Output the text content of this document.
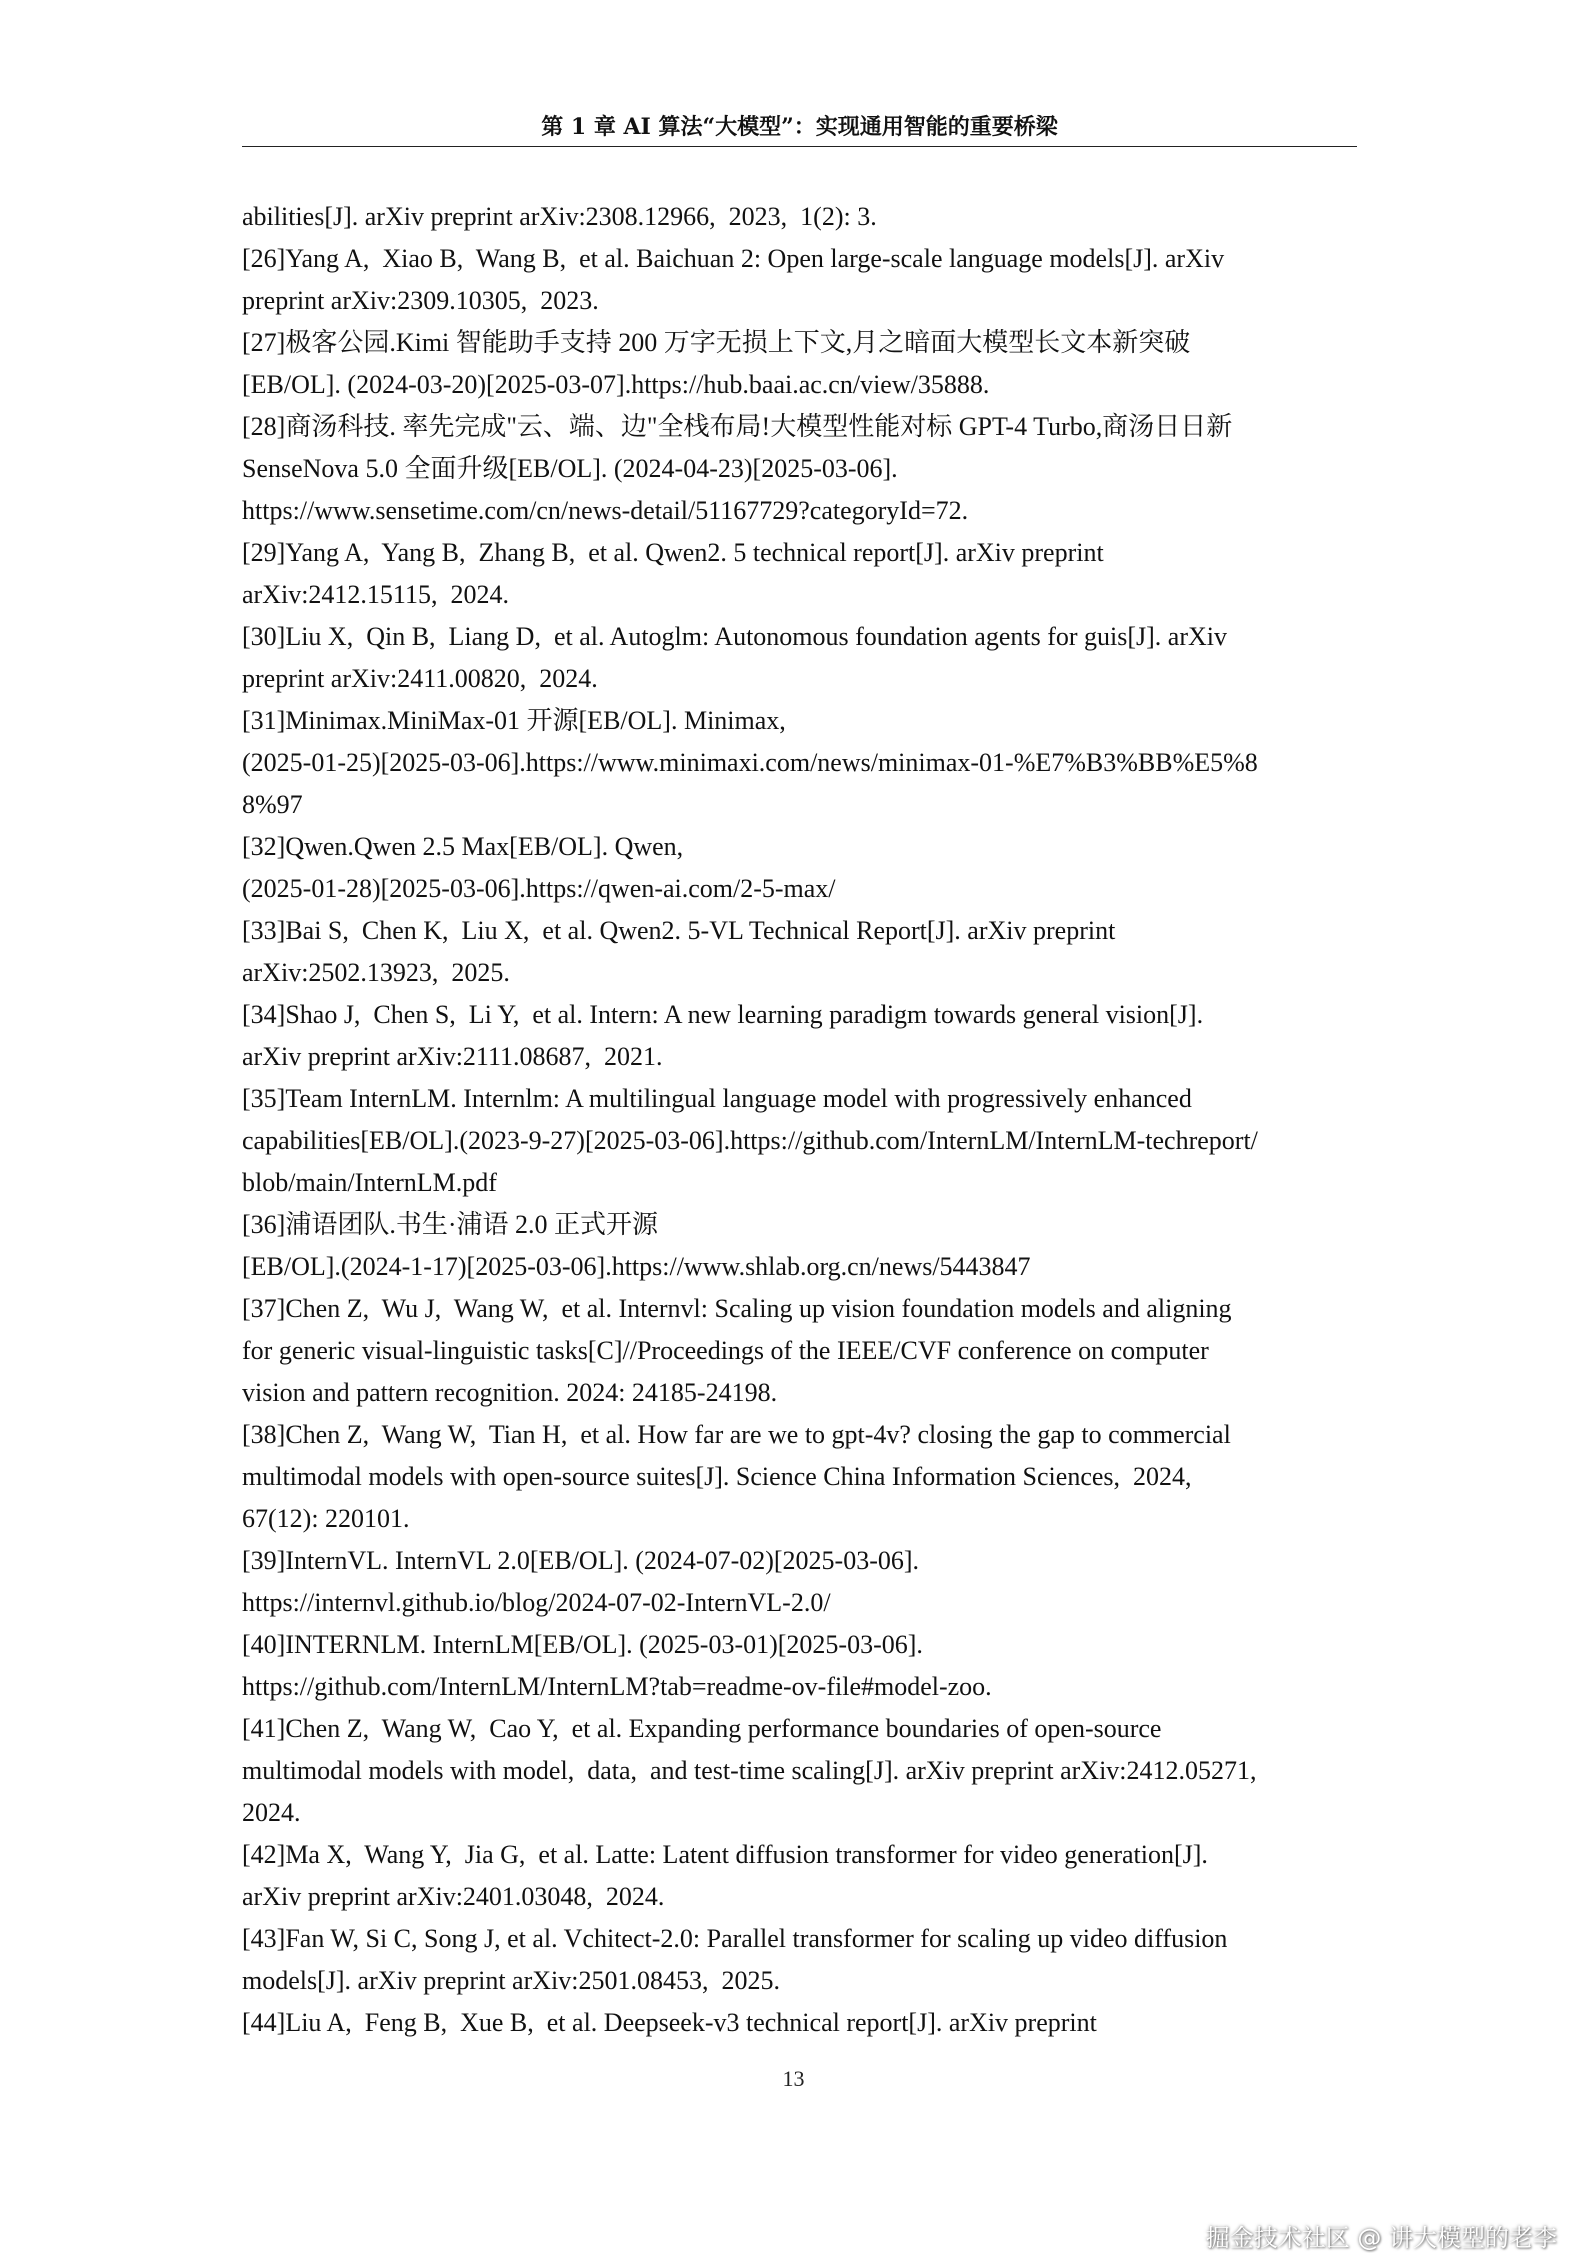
第 1 章 AI 算法“大模型”：实现通用智能的重要桥梁
abilities[J]. arXiv preprint arXiv:2308.12966,  2023,  1(2): 3.
[26]Yang A,  Xiao B,  Wang B,  et al. Baichuan 2: Open large-scale language models[J]. arXiv
preprint arXiv:2309.10305,  2023.
[27]极客公园.Kimi 智能助手支持 200 万字无损上下文,月之暗面大模型长文本新突破
[EB/OL]. (2024-03-20)[2025-03-07].https://hub.baai.ac.cn/view/35888.
[28]商汤科技. 率先完成"云、端、边"全栈布局!大模型性能对标 GPT-4 Turbo,商汤日日新
SenseNova 5.0 全面升级[EB/OL]. (2024-04-23)[2025-03-06].
https://www.sensetime.com/cn/news-detail/51167729?categoryId=72.
[29]Yang A,  Yang B,  Zhang B,  et al. Qwen2. 5 technical report[J]. arXiv preprint
arXiv:2412.15115,  2024.
[30]Liu X,  Qin B,  Liang D,  et al. Autoglm: Autonomous foundation agents for guis[J]. arXiv
preprint arXiv:2411.00820,  2024.
[31]Minimax.MiniMax-01 开源[EB/OL]. Minimax,
(2025-01-25)[2025-03-06].https://www.minimaxi.com/news/minimax-01-%E7%B3%BB%E5%8
8%97
[32]Qwen.Qwen 2.5 Max[EB/OL]. Qwen,
(2025-01-28)[2025-03-06].https://qwen-ai.com/2-5-max/
[33]Bai S,  Chen K,  Liu X,  et al. Qwen2. 5-VL Technical Report[J]. arXiv preprint
arXiv:2502.13923,  2025.
[34]Shao J,  Chen S,  Li Y,  et al. Intern: A new learning paradigm towards general vision[J].
arXiv preprint arXiv:2111.08687,  2021.
[35]Team InternLM. Internlm: A multilingual language model with progressively enhanced
capabilities[EB/OL].(2023-9-27)[2025-03-06].https://github.com/InternLM/InternLM-techreport/
blob/main/InternLM.pdf
[36]浦语团队.书生·浦语 2.0 正式开源
[EB/OL].(2024-1-17)[2025-03-06].https://www.shlab.org.cn/news/5443847
[37]Chen Z,  Wu J,  Wang W,  et al. Internvl: Scaling up vision foundation models and aligning
for generic visual-linguistic tasks[C]//Proceedings of the IEEE/CVF conference on computer
vision and pattern recognition. 2024: 24185-24198.
[38]Chen Z,  Wang W,  Tian H,  et al. How far are we to gpt-4v? closing the gap to commercial
multimodal models with open-source suites[J]. Science China Information Sciences,  2024,
67(12): 220101.
[39]InternVL. InternVL 2.0[EB/OL]. (2024-07-02)[2025-03-06].
https://internvl.github.io/blog/2024-07-02-InternVL-2.0/
[40]INTERNLM. InternLM[EB/OL]. (2025-03-01)[2025-03-06].
https://github.com/InternLM/InternLM?tab=readme-ov-file#model-zoo.
[41]Chen Z,  Wang W,  Cao Y,  et al. Expanding performance boundaries of open-source
multimodal models with model,  data,  and test-time scaling[J]. arXiv preprint arXiv:2412.05271,
2024.
[42]Ma X,  Wang Y,  Jia G,  et al. Latte: Latent diffusion transformer for video generation[J].
arXiv preprint arXiv:2401.03048,  2024.
[43]Fan W, Si C, Song J, et al. Vchitect-2.0: Parallel transformer for scaling up video diffusion
models[J]. arXiv preprint arXiv:2501.08453,  2025.
[44]Liu A,  Feng B,  Xue B,  et al. Deepseek-v3 technical report[J]. arXiv preprint
13
掘金技术社区 @ 讲大模型的老李
